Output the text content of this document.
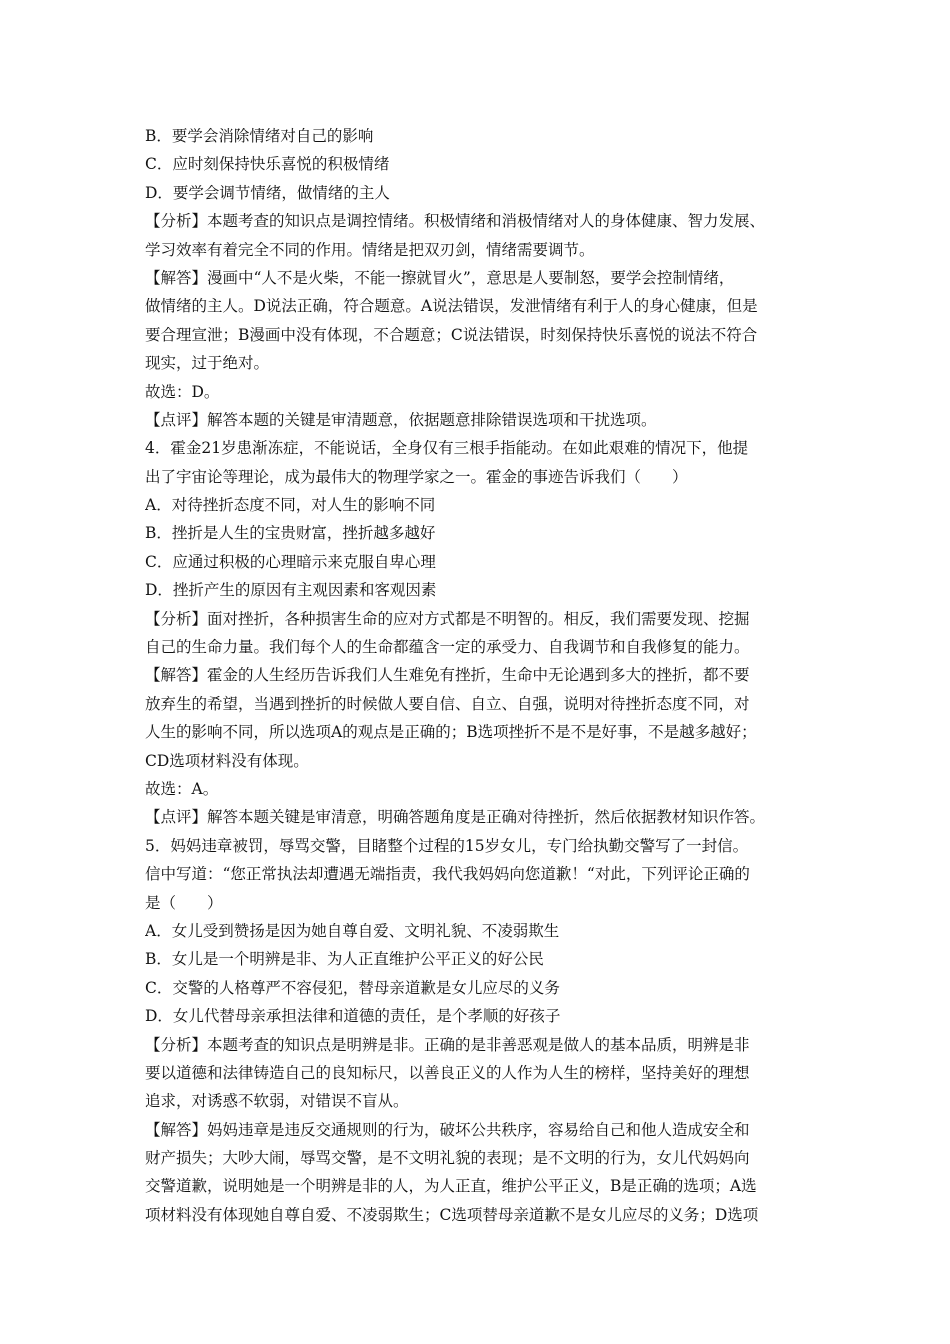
B．要学会消除情绪对自己的影响
C．应时刻保持快乐喜悦的积极情绪
D．要学会调节情绪，做情绪的主人
【分析】本题考查的知识点是调控情绪。积极情绪和消极情绪对人的身体健康、智力发展、
学习效率有着完全不同的作用。情绪是把双刃剑，情绪需要调节。
【解答】漫画中“人不是火柴，不能一擦就冒火”，意思是人要制怒，要学会控制情绪，
做情绪的主人。D说法正确，符合题意。A说法错误，发泄情绪有利于人的身心健康，但是
要合理宣泄；B漫画中没有体现，不合题意；C说法错误，时刻保持快乐喜悦的说法不符合
现实，过于绝对。
故选：D。
【点评】解答本题的关键是审清题意，依据题意排除错误选项和干扰选项。
4．霍金21岁患渐冻症，不能说话，全身仅有三根手指能动。在如此艰难的情况下，他提
出了宇宙论等理论，成为最伟大的物理学家之一。霍金的事迹告诉我们（　　）
A．对待挫折态度不同，对人生的影响不同
B．挫折是人生的宝贵财富，挫折越多越好
C．应通过积极的心理暗示来克服自卑心理
D．挫折产生的原因有主观因素和客观因素
【分析】面对挫折，各种损害生命的应对方式都是不明智的。相反，我们需要发现、挖掘
自己的生命力量。我们每个人的生命都蕴含一定的承受力、自我调节和自我修复的能力。
【解答】霍金的人生经历告诉我们人生难免有挫折，生命中无论遇到多大的挫折，都不要
放弃生的希望，当遇到挫折的时候做人要自信、自立、自强，说明对待挫折态度不同，对
人生的影响不同，所以选项A的观点是正确的；B选项挫折不是不是好事，不是越多越好；
CD选项材料没有体现。
故选：A。
【点评】解答本题关键是审清意，明确答题角度是正确对待挫折，然后依据教材知识作答。
5．妈妈违章被罚，辱骂交警，目睹整个过程的15岁女儿，专门给执勤交警写了一封信。
信中写道：“您正常执法却遭遇无端指责，我代我妈妈向您道歉！“对此，下列评论正确的
是（　　）
A．女儿受到赞扬是因为她自尊自爱、文明礼貌、不凌弱欺生
B．女儿是一个明辨是非、为人正直维护公平正义的好公民
C．交警的人格尊严不容侵犯，替母亲道歉是女儿应尽的义务
D．女儿代替母亲承担法律和道德的责任，是个孝顺的好孩子
【分析】本题考查的知识点是明辨是非。正确的是非善恶观是做人的基本品质，明辨是非
要以道德和法律铸造自己的良知标尺，以善良正义的人作为人生的榜样，坚持美好的理想
追求，对诱惑不软弱，对错误不盲从。
【解答】妈妈违章是违反交通规则的行为，破坏公共秩序，容易给自己和他人造成安全和
财产损失；大吵大闹，辱骂交警，是不文明礼貌的表现；是不文明的行为，女儿代妈妈向
交警道歉，说明她是一个明辨是非的人，为人正直，维护公平正义，B是正确的选项；A选
项材料没有体现她自尊自爱、不凌弱欺生；C选项替母亲道歉不是女儿应尽的义务；D选项
